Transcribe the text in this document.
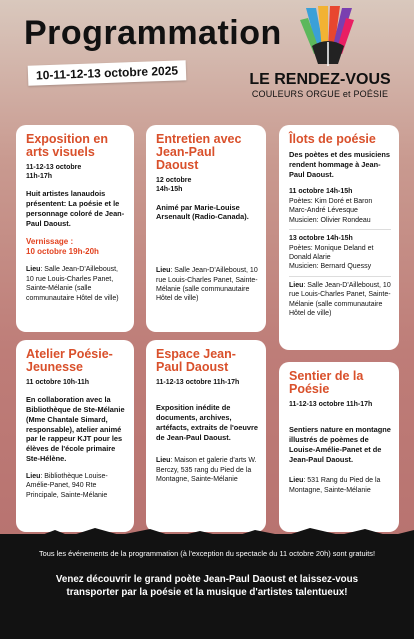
Programmation
10-11-12-13 octobre 2025	LE RENDEZ-VOUS
COULEURS ORGUE et POÉSIE
Exposition en arts visuels

11-12-13 octobre
11h-17h

Huit artistes lanaudois présentent: La poésie et le personnage coloré de Jean-Paul Daoust.

Vernissage :
10 octobre 19h-20h

Lieu: Salle Jean-D'Ailleboust, 10 rue Louis-Charles Panet, Sainte-Mélanie (salle communautaire Hôtel de ville)

Entretien avec Jean-Paul Daoust

12 octobre
14h-15h

Animé par Marie-Louise Arsenault (Radio-Canada).

Lieu: Salle Jean-D'Ailleboust, 10 rue Louis-Charles Panet, Sainte-Mélanie (salle communautaire Hôtel de ville)

Îlots de poésie

Des poètes et des musiciens rendent hommage à Jean-Paul Daoust.

11 octobre 14h-15h
Poètes: Kim Doré et Baron Marc-André Lévesque
Musicien: Olivier Rondeau

13 octobre 14h-15h
Poètes: Monique Deland et Donald Alarie
Musicien: Bernard Quessy

Lieu: Salle Jean-D'Ailleboust, 10 rue Louis-Charles Panet, Sainte-Mélanie (salle communautaire Hôtel de ville)

Atelier Poésie-Jeunesse

11 octobre 10h-11h

En collaboration avec la Bibliothèque de Ste-Mélanie (Mme Chantale Simard, responsable), atelier animé par le rappeur KJT pour les élèves de l'école primaire Ste-Hélène.

Lieu: Bibliothèque Louise-Amélie-Panet, 940 Rte Principale, Sainte-Mélanie

Espace Jean-Paul Daoust

11-12-13 octobre 11h-17h

Exposition inédite de documents, archives, artéfacts, extraits de l'oeuvre de Jean-Paul Daoust.

Lieu: Maison et galerie d'arts W. Berczy, 535 rang du Pied de la Montagne, Sainte-Mélanie

Sentier de la Poésie

11-12-13 octobre 11h-17h

Sentiers nature en montagne illustrés de poèmes de Louise-Amélie-Panet et de Jean-Paul Daoust.

Lieu: 531 Rang du Pied de la Montagne, Sainte-Mélanie

Tous les événements de la programmation (à l'exception du spectacle du 11 octobre 20h) sont gratuits!
Venez découvrir le grand poète Jean-Paul Daoust et laissez-vous transporter par la poésie et la musique d'artistes talentueux!
